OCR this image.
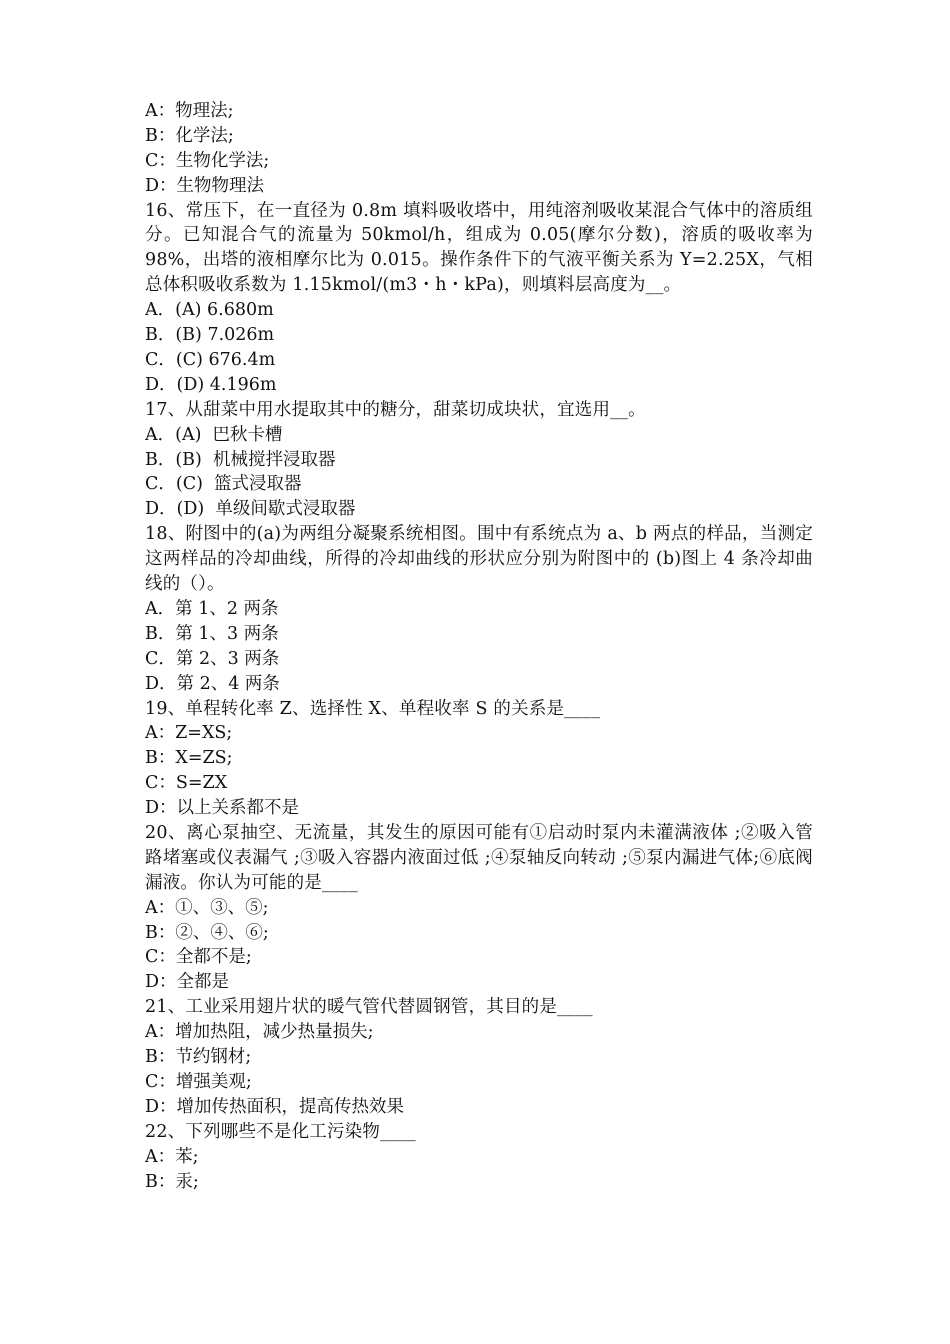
A：物理法;
B：化学法;
C：生物化学法;
D：生物物理法
16、常压下，在一直径为 0.8m 填料吸收塔中，用纯溶剂吸收某混合气体中的溶质组分。已知混合气的流量为 50kmol/h，组成为 0.05(摩尔分数)，溶质的吸收率为 98%，出塔的液相摩尔比为 0.015。操作条件下的气液平衡关系为 Y=2.25X，气相总体积吸收系数为 1.15kmol/(m3・h・kPa)，则填料层高度为__。
A．(A) 6.680m
B．(B) 7.026m
C．(C) 676.4m
D．(D) 4.196m
17、从甜菜中用水提取其中的糖分，甜菜切成块状，宜选用__。
A．(A)  巴秋卡槽
B．(B)  机械搅拌浸取器
C．(C)  篮式浸取器
D．(D)  单级间歇式浸取器
18、附图中的(a)为两组分凝聚系统相图。围中有系统点为 a、b 两点的样品，当测定这两样品的冷却曲线，所得的冷却曲线的形状应分别为附图中的 (b)图上 4 条冷却曲线的（）。
A．第 1、2 两条
B．第 1、3 两条
C．第 2、3 两条
D．第 2、4 两条
19、单程转化率 Z、选择性 X、单程收率 S 的关系是____
A：Z=XS;
B：X=ZS;
C：S=ZX
D：以上关系都不是
20、离心泵抽空、无流量，其发生的原因可能有①启动时泵内未灌满液体 ;②吸入管路堵塞或仪表漏气 ;③吸入容器内液面过低 ;④泵轴反向转动 ;⑤泵内漏进气体;⑥底阀漏液。你认为可能的是____
A：①、③、⑤;
B：②、④、⑥;
C：全都不是;
D：全都是
21、工业采用翅片状的暖气管代替圆钢管，其目的是____
A：增加热阻，减少热量损失;
B：节约钢材;
C：增强美观;
D：增加传热面积，提高传热效果
22、下列哪些不是化工污染物____
A：苯;
B：汞;
